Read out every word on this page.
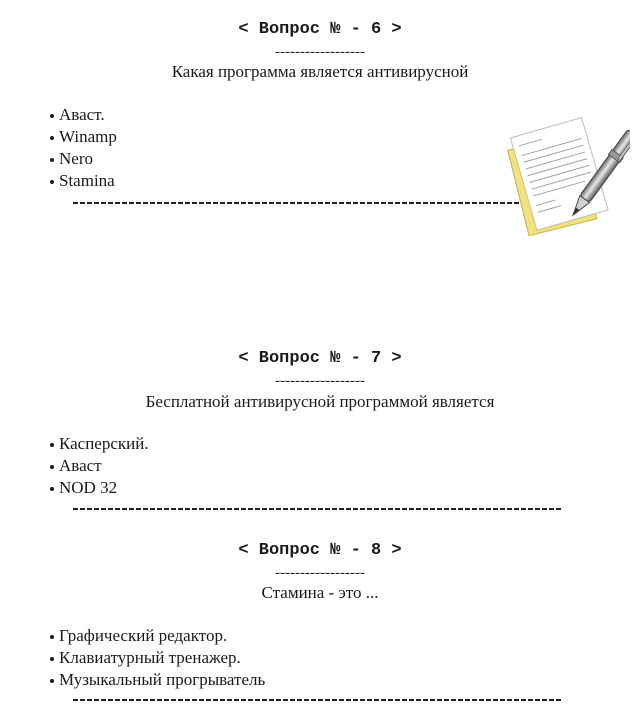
< Вопрос № - 6 >
------------------
Какая программа является антивирусной
Аваст.
Winamp
Nero
Stamina
< Вопрос № - 7 >
------------------
Бесплатной антивирусной программой является
Касперский.
Аваст
NOD 32
< Вопрос № - 8 >
------------------
Стамина - это ...
Графический редактор.
Клавиатурный тренажер.
Музыкальный прогрыватель
